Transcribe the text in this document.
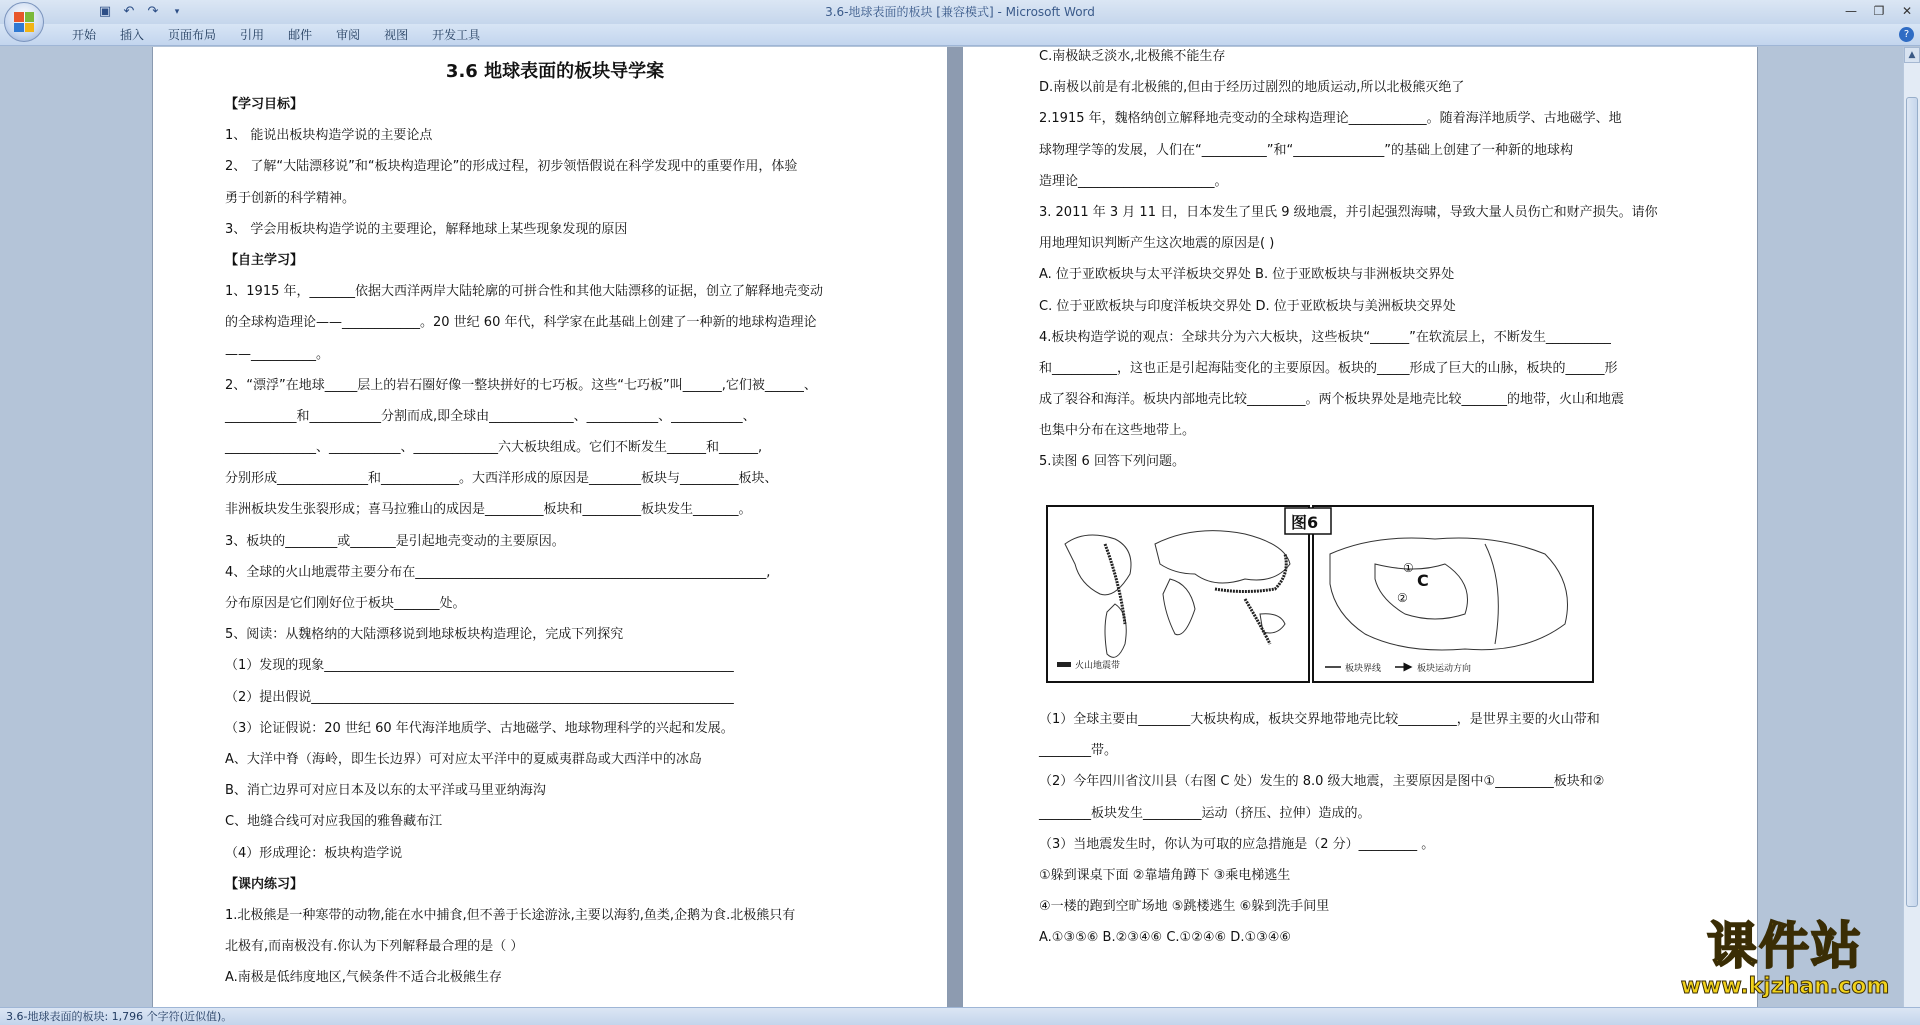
3.6-地球表面的板块 [兼容模式] - Microsoft Word
▣ ↶ ↷	▾	—	❐	✕
开始	插入	页面布局	引用	邮件	审阅	视图	开发工具	?

3.6 地球表面的板块导学案

【学习目标】

1、 能说出板块构造学说的主要论点

2、 了解“大陆漂移说”和“板块构造理论”的形成过程，初步领悟假说在科学发现中的重要作用，体验

勇于创新的科学精神。

3、 学会用板块构造学说的主要理论，解释地球上某些现象发现的原因

【自主学习】

1、1915 年，_______依据大西洋两岸大陆轮廓的可拼合性和其他大陆漂移的证据，创立了解释地壳变动

的全球构造理论——____________。20 世纪 60 年代，科学家在此基础上创建了一种新的地球构造理论

——__________。

2、“漂浮”在地球_____层上的岩石圈好像一整块拼好的七巧板。这些“七巧板”叫______,它们被______、

___________和___________分割而成,即全球由_____________、___________、___________、

______________、___________、_____________六大板块组成。它们不断发生______和______,

分别形成______________和____________。大西洋形成的原因是________板块与_________板块、

非洲板块发生张裂形成；喜马拉雅山的成因是_________板块和_________板块发生_______。

3、板块的________或_______是引起地壳变动的主要原因。

4、全球的火山地震带主要分布在______________________________________________________,

分布原因是它们刚好位于板块_______处。

5、阅读：从魏格纳的大陆漂移说到地球板块构造理论，完成下列探究

（1）发现的现象_______________________________________________________________

（2）提出假说_________________________________________________________________

（3）论证假说：20 世纪 60 年代海洋地质学、古地磁学、地球物理科学的兴起和发展。

A、大洋中脊（海岭，即生长边界）可对应太平洋中的夏威夷群岛或大西洋中的冰岛

B、消亡边界可对应日本及以东的太平洋或马里亚纳海沟

C、地缝合线可对应我国的雅鲁藏布江

（4）形成理论：板块构造学说

【课内练习】

1.北极熊是一种寒带的动物,能在水中捕食,但不善于长途游泳,主要以海豹,鱼类,企鹅为食.北极熊只有

北极有,而南极没有.你认为下列解释最合理的是（ ）

A.南极是低纬度地区,气候条件不适合北极熊生存

C.南极缺乏淡水,北极熊不能生存

D.南极以前是有北极熊的,但由于经历过剧烈的地质运动,所以北极熊灭绝了

2.1915 年，魏格纳创立解释地壳变动的全球构造理论____________。随着海洋地质学、古地磁学、地

球物理学等的发展，人们在“__________”和“______________”的基础上创建了一种新的地球构

造理论_____________________。

3. 2011 年 3 月 11 日，日本发生了里氏 9 级地震，并引起强烈海啸，导致大量人员伤亡和财产损失。请你

用地理知识判断产生这次地震的原因是( )

A. 位于亚欧板块与太平洋板块交界处 B. 位于亚欧板块与非洲板块交界处

C. 位于亚欧板块与印度洋板块交界处 D. 位于亚欧板块与美洲板块交界处

4.板块构造学说的观点：全球共分为六大板块，这些板块“______”在软流层上，不断发生__________

和__________，这也正是引起海陆变化的主要原因。板块的_____形成了巨大的山脉，板块的______形

成了裂谷和海洋。板块内部地壳比较_________。两个板块界处是地壳比较_______的地带，火山和地震

也集中分布在这些地带上。

5.读图 6 回答下列问题。

火山地震带
图6
①
C
②
板块界线	板块运动方向

（1）全球主要由________大板块构成，板块交界地带地壳比较_________，是世界主要的火山带和

________带。

（2）今年四川省汶川县（右图 C 处）发生的 8.0 级大地震，主要原因是图中①_________板块和②

________板块发生_________运动（挤压、拉伸）造成的。

（3）当地震发生时，你认为可取的应急措施是（2 分）_________ 。

①躲到课桌下面 ②靠墙角蹲下 ③乘电梯逃生

④一楼的跑到空旷场地 ⑤跳楼逃生 ⑥躲到洗手间里

A.①③⑤⑥ B.②③④⑥ C.①②④⑥ D.①③④⑥

▲
3.6-地球表面的板块: 1,796 个字符(近似值)。
课件站
www.kjzhan.com
